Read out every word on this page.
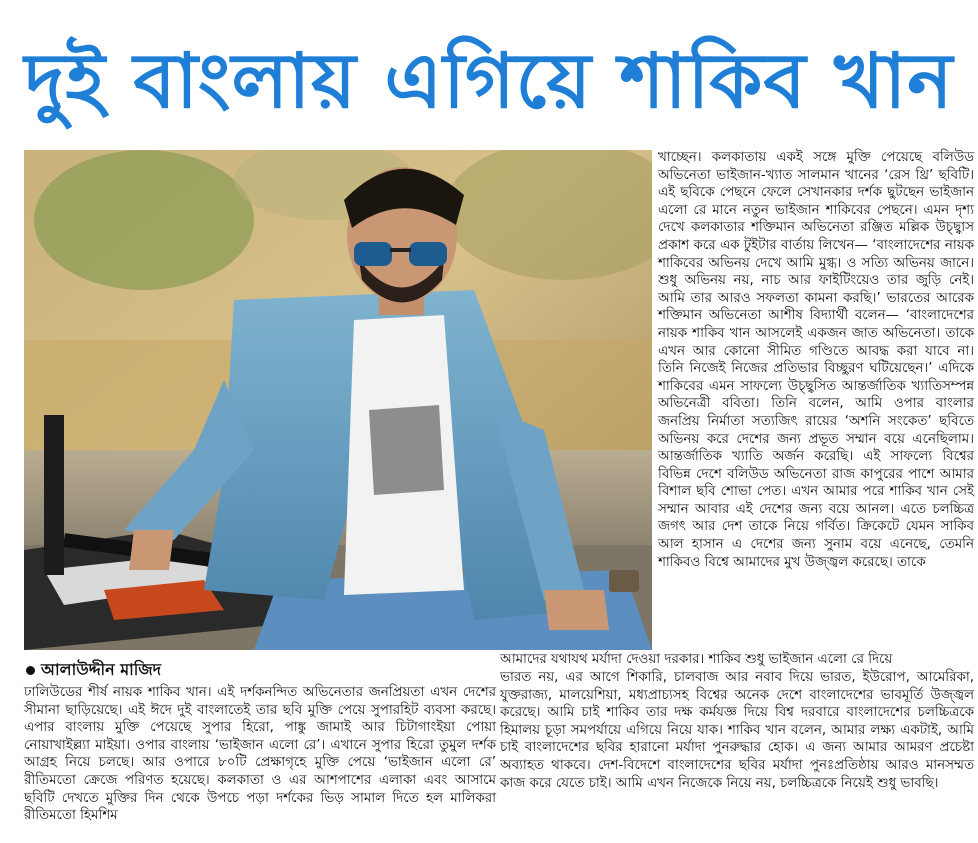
দুই বাংলায় এগিয়ে শাকিব খান

খাচ্ছেন। কলকাতায় একই সঙ্গে মুক্তি পেয়েছে বলিউড অভিনেতা ভাইজান-খ্যাত সালমান খানের ‘রেস থ্রি’ ছবিটি। এই ছবিকে পেছনে ফেলে সেখানকার দর্শক ছুটছেন ভাইজান এলো রে মানে নতুন ভাইজান শাকিবের পেছনে। এমন দৃশ্য দেখে কলকাতার শক্তিমান অভিনেতা রঞ্জিত মল্লিক উচ্ছ্বাস প্রকাশ করে এক টুইটার বার্তায় লিখেন— ‘বাংলাদেশের নায়ক শাকিবের অভিনয় দেখে আমি মুগ্ধ। ও সত্যি অভিনয় জানে। শুধু অভিনয় নয়, নাচ আর ফাইটিংয়েও তার জুড়ি নেই। আমি তার আরও সফলতা কামনা করছি।’ ভারতের আরেক শক্তিমান অভিনেতা আশীষ বিদ্যার্থী বলেন— ‘বাংলাদেশের নায়ক শাকিব খান আসলেই একজন জাত অভিনেতা। তাকে এখন আর কোনো সীমিত গণ্ডিতে আবদ্ধ করা যাবে না। তিনি নিজেই নিজের প্রতিভার বিচ্ছুরণ ঘটিয়েছেন।’ এদিকে শাকিবের এমন সাফল্যে উচ্ছ্বসিত আন্তর্জাতিক খ্যাতিসম্পন্ন অভিনেত্রী ববিতা। তিনি বলেন, আমি ওপার বাংলার জনপ্রিয় নির্মাতা সত্যজিৎ রায়ের ‘অশনি সংকেত’ ছবিতে অভিনয় করে দেশের জন্য প্রভূত সম্মান বয়ে এনেছিলাম। আন্তর্জাতিক খ্যাতি অর্জন করেছি। এই সাফল্যে বিশ্বের বিভিন্ন দেশে বলিউড অভিনেতা রাজ কাপুরের পাশে আমার বিশাল ছবি শোভা পেত। এখন আমার পরে শাকিব খান সেই সম্মান আবার এই দেশের জন্য বয়ে আনল। এতে চলচ্চিত্র জগৎ আর দেশ তাকে নিয়ে গর্বিত। ক্রিকেটে যেমন সাকিব আল হাসান এ দেশের জন্য সুনাম বয়ে এনেছে, তেমনি শাকিবও বিশ্বে আমাদের মুখ উজ্জ্বল করেছে। তাকে

আলাউদ্দীন মাজিদ

আমাদের যথাযথ মর্যাদা দেওয়া দরকার। শাকিব শুধু ভাইজান এলো রে দিয়ে

ঢালিউডের শীর্ষ নায়ক শাকিব খান। এই দর্শকনন্দিত অভিনেতার জনপ্রিয়তা এখন দেশের সীমানা ছাড়িয়েছে। এই ঈদে দুই বাংলাতেই তার ছবি মুক্তি পেয়ে সুপারহিট ব্যবসা করছে। এপার বাংলায় মুক্তি পেয়েছে সুপার হিরো, পাঙ্কু জামাই আর চিটাগাংইয়া পোয়া নোয়াখাইল্ল্যা মাইয়া। ওপার বাংলায় ‘ভাইজান এলো রে’। এখানে সুপার হিরো তুমুল দর্শক আগ্রহ নিয়ে চলছে। আর ওপারে ৮০টি প্রেক্ষাগৃহে মুক্তি পেয়ে ‘ভাইজান এলো রে’ রীতিমতো ক্রেজে পরিণত হয়েছে। কলকাতা ও এর আশপাশের এলাকা এবং আসামে ছবিটি দেখতে মুক্তির দিন থেকে উপচে পড়া দর্শকের ভিড় সামাল দিতে হল মালিকরা রীতিমতো হিমশিম

ভারত নয়, এর আগে শিকারি, চালবাজ আর নবাব দিয়ে ভারত, ইউরোপ, আমেরিকা, যুক্তরাজ্য, মালয়েশিয়া, মধ্যপ্রাচ্যসহ বিশ্বের অনেক দেশে বাংলাদেশের ভাবমূর্তি উজ্জ্বল করেছে। আমি চাই শাকিব তার দক্ষ কর্মযজ্ঞ দিয়ে বিশ্ব দরবারে বাংলাদেশের চলচ্চিত্রকে হিমালয় চূড়া সমপর্যায়ে এগিয়ে নিয়ে যাক। শাকিব খান বলেন, আমার লক্ষ্য একটাই, আমি চাই বাংলাদেশের ছবির হারানো মর্যাদা পুনরুদ্ধার হোক। এ জন্য আমার আমরণ প্রচেষ্টা অব্যাহত থাকবে। দেশ-বিদেশে বাংলাদেশের ছবির মর্যাদা পুনঃপ্রতিষ্ঠায় আরও মানসম্মত কাজ করে যেতে চাই। আমি এখন নিজেকে নিয়ে নয়, চলচ্চিত্রকে নিয়েই শুধু ভাবছি।
